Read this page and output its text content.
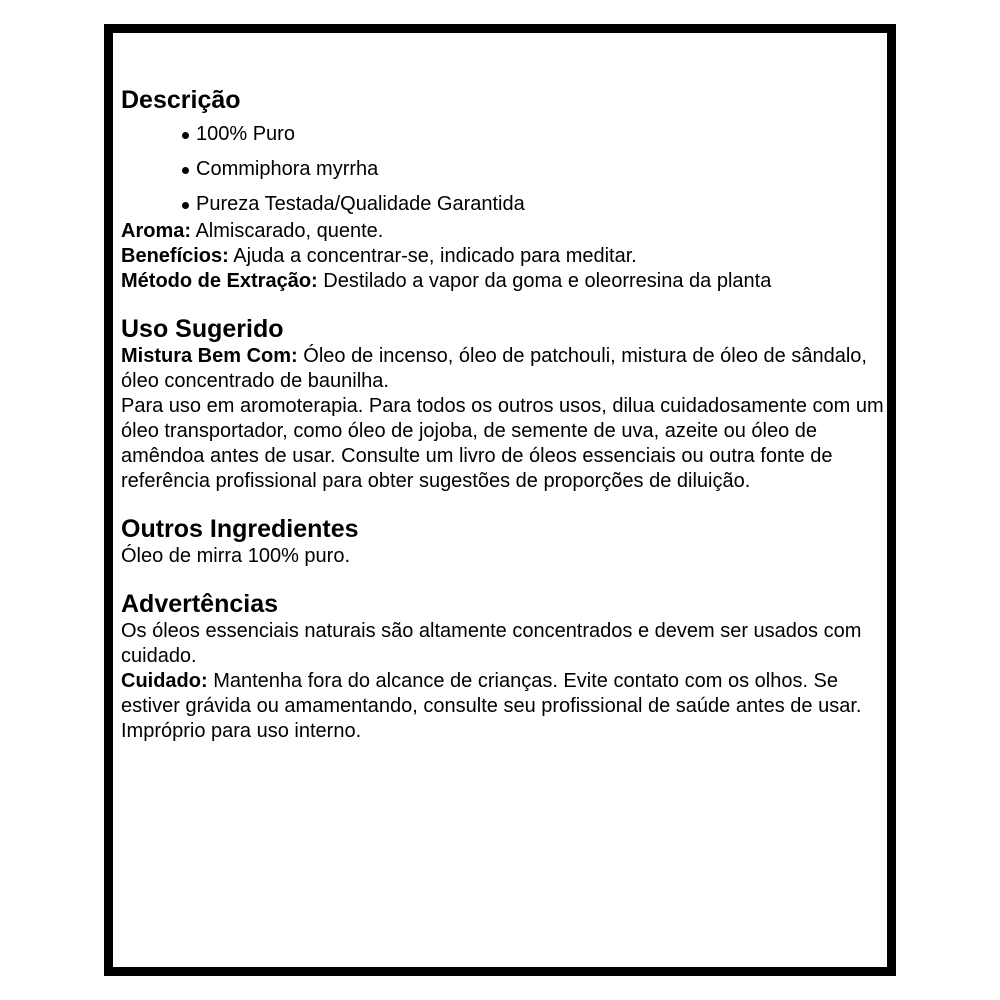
Descrição
100% Puro
Commiphora myrrha
Pureza Testada/Qualidade Garantida

Aroma: Almiscarado, quente.

Benefícios: Ajuda a concentrar-se, indicado para meditar.

Método de Extração: Destilado a vapor da goma e oleorresina da planta

Uso Sugerido

Mistura Bem Com: Óleo de incenso, óleo de patchouli, mistura de óleo de sândalo, óleo concentrado de baunilha.

Para uso em aromoterapia. Para todos os outros usos, dilua cuidadosamente com um óleo transportador, como óleo de jojoba, de semente de uva, azeite ou óleo de amêndoa antes de usar. Consulte um livro de óleos essenciais ou outra fonte de referência profissional para obter sugestões de proporções de diluição.

Outros Ingredientes

Óleo de mirra 100% puro.

Advertências

Os óleos essenciais naturais são altamente concentrados e devem ser usados com cuidado.

Cuidado: Mantenha fora do alcance de crianças. Evite contato com os olhos. Se estiver grávida ou amamentando, consulte seu profissional de saúde antes de usar. Impróprio para uso interno.
